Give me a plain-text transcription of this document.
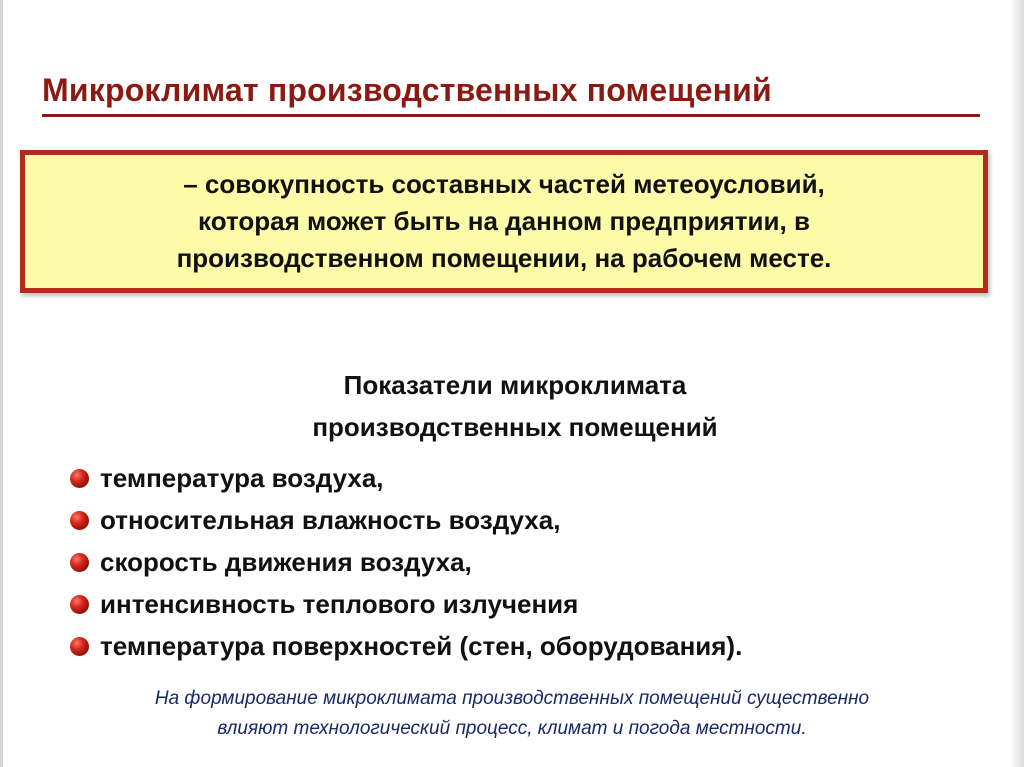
Микроклимат производственных помещений
– совокупность составных частей метеоусловий,
которая может быть на данном предприятии, в
производственном помещении, на рабочем месте.
Показатели микроклимата
производственных помещений
температура воздуха,
относительная влажность воздуха,
скорость движения воздуха,
интенсивность теплового излучения
температура поверхностей (стен, оборудования).
На формирование микроклимата производственных помещений существенно
влияют технологический процесс, климат и погода местности.
